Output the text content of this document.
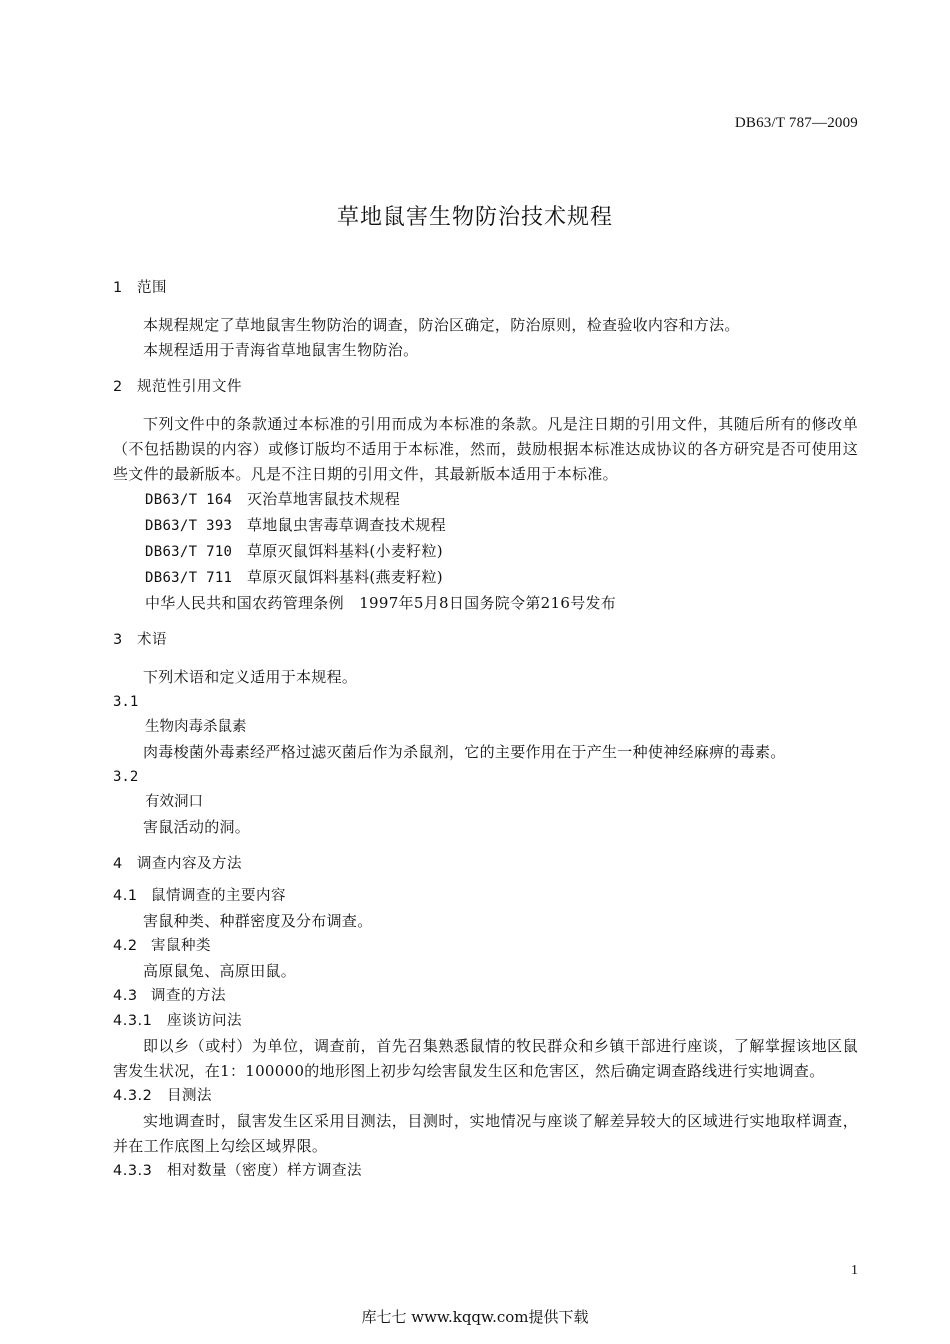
DB63/T 787—2009
草地鼠害生物防治技术规程
1 范围
本规程规定了草地鼠害生物防治的调查，防治区确定，防治原则，检查验收内容和方法。
本规程适用于青海省草地鼠害生物防治。
2 规范性引用文件
下列文件中的条款通过本标准的引用而成为本标准的条款。凡是注日期的引用文件，其随后所有的修改单（不包括勘误的内容）或修订版均不适用于本标准，然而，鼓励根据本标准达成协议的各方研究是否可使用这些文件的最新版本。凡是不注日期的引用文件，其最新版本适用于本标准。
DB63/T 164 灭治草地害鼠技术规程
DB63/T 393 草地鼠虫害毒草调查技术规程
DB63/T 710 草原灭鼠饵料基料(小麦籽粒)
DB63/T 711 草原灭鼠饵料基料(燕麦籽粒)
中华人民共和国农药管理条例　1997年5月8日国务院令第216号发布
3 术语
下列术语和定义适用于本规程。
3.1
生物肉毒杀鼠素
肉毒梭菌外毒素经严格过滤灭菌后作为杀鼠剂，它的主要作用在于产生一种使神经麻痹的毒素。
3.2
有效洞口
害鼠活动的洞。
4 调查内容及方法
4.1 鼠情调查的主要内容
害鼠种类、种群密度及分布调查。
4.2 害鼠种类
高原鼠兔、高原田鼠。
4.3 调查的方法
4.3.1 座谈访问法
即以乡（或村）为单位，调查前，首先召集熟悉鼠情的牧民群众和乡镇干部进行座谈，了解掌握该地区鼠害发生状况，在1：100000的地形图上初步勾绘害鼠发生区和危害区，然后确定调查路线进行实地调查。
4.3.2 目测法
实地调查时，鼠害发生区采用目测法，目测时，实地情况与座谈了解差异较大的区域进行实地取样调查，并在工作底图上勾绘区域界限。
4.3.3 相对数量（密度）样方调查法
1
库七七 www.kqqw.com提供下载
